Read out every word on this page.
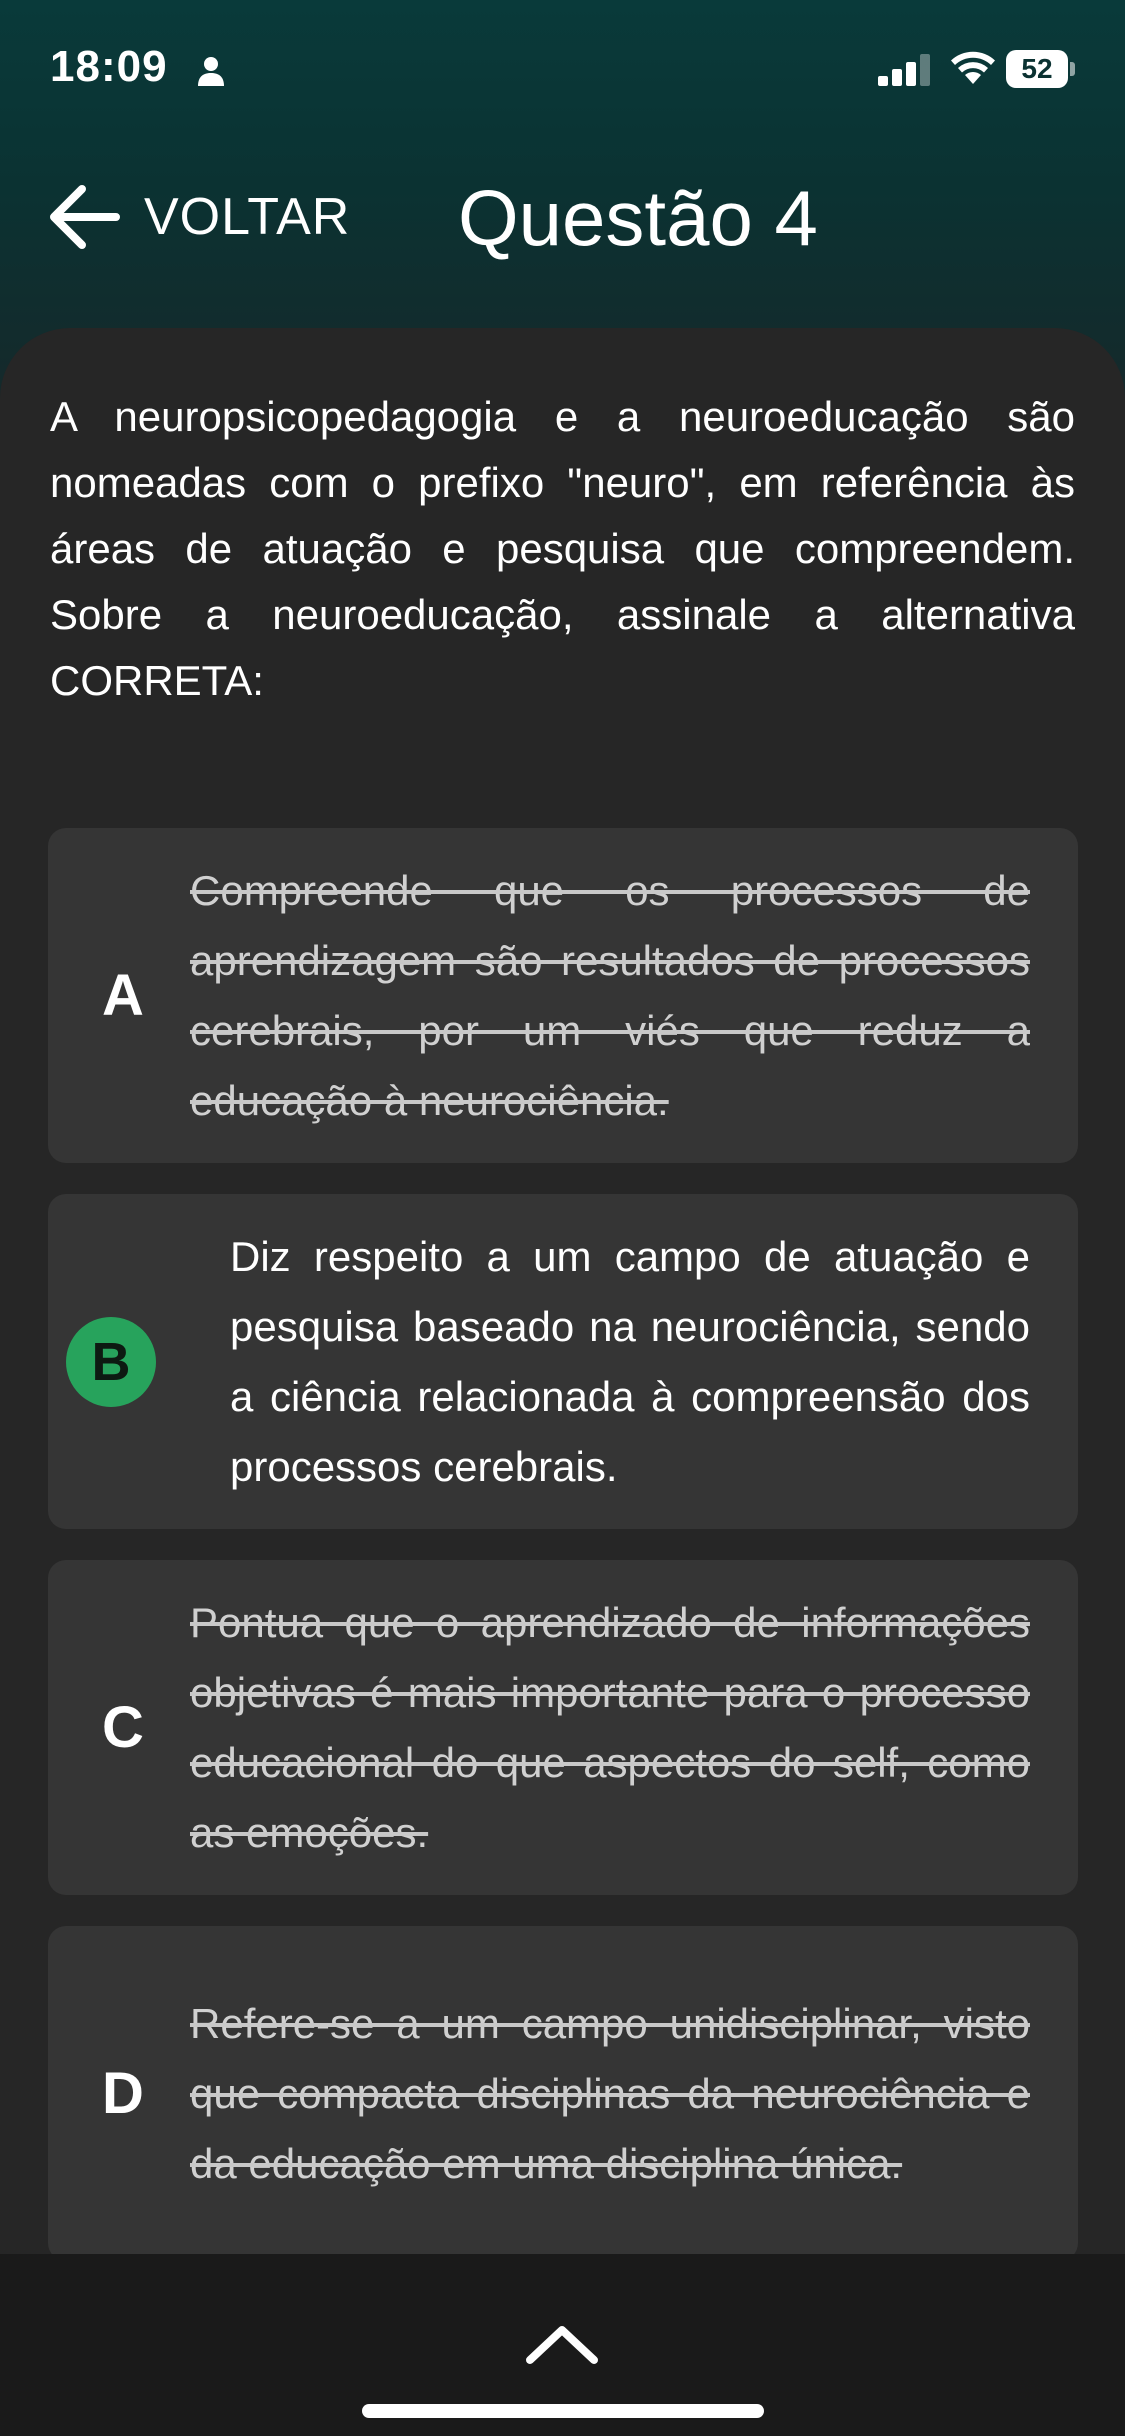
18:09	52
VOLTAR Questão 4
A neuropsicopedagogia e a neuroeducação são nomeadas com o prefixo "neuro", em referência às áreas de atuação e pesquisa que compreendem. Sobre a neuroeducação, assinale a alternativa CORRETA:
A
Compreende que os processos de aprendizagem são resultados de processos cerebrais, por um viés que reduz a educação à neurociência.
B
Diz respeito a um campo de atuação e pesquisa baseado na neurociência, sendo a ciência relacionada à compreensão dos processos cerebrais.
C
Pontua que o aprendizado de informações objetivas é mais importante para o processo educacional do que aspectos do self, como as emoções.
D
Refere-se a um campo unidisciplinar, visto que compacta disciplinas da neurociência e da educação em uma disciplina única.
